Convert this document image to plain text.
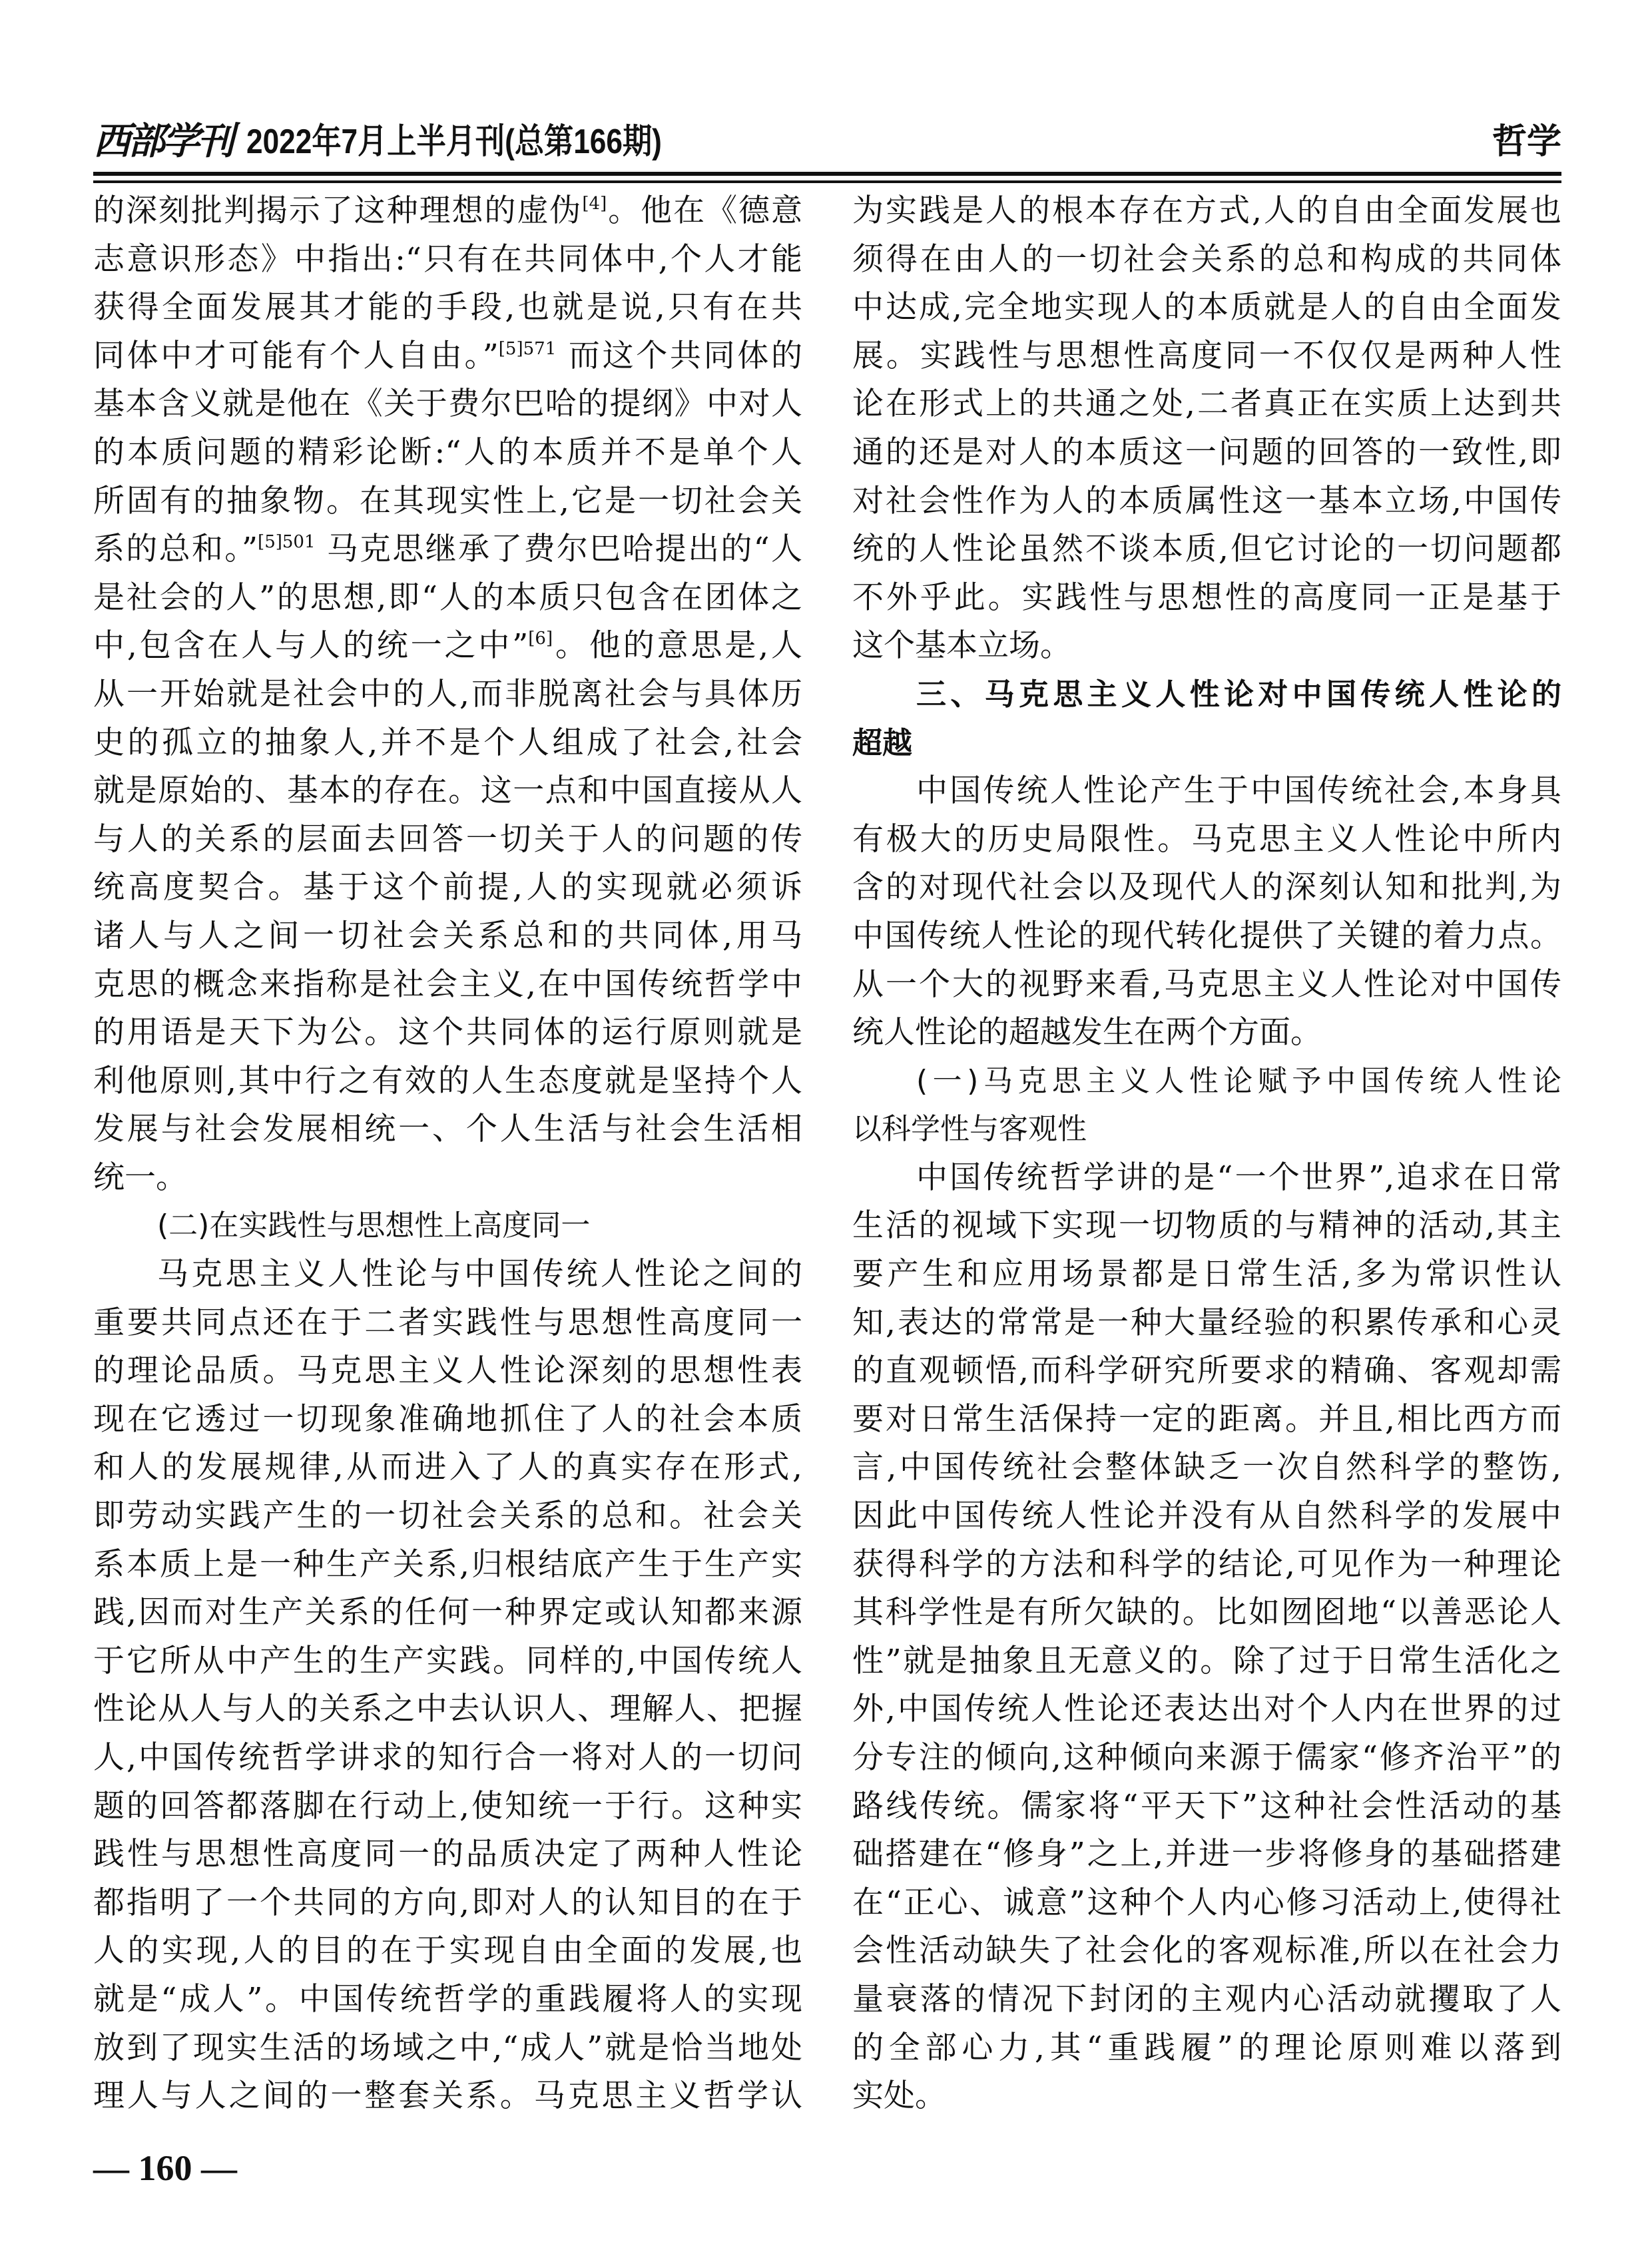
西部学刊 2022年7月上半月刊(总第166期)	哲学
的深刻批判揭示了这种理想的虚伪[4]。他在《德意
志意识形态》中指出:“只有在共同体中,个人才能
获得全面发展其才能的手段,也就是说,只有在共
同体中才可能有个人自由。”$^{[5]571}$ 而这个共同体的
基本含义就是他在《关于费尔巴哈的提纲》中对人
的本质问题的精彩论断:“人的本质并不是单个人
所固有的抽象物。在其现实性上,它是一切社会关
系的总和。”$^{[5]501}$ 马克思继承了费尔巴哈提出的“人
是社会的人”的思想,即“人的本质只包含在团体之
中,包含在人与人的统一之中”[6]。他的意思是,人
从一开始就是社会中的人,而非脱离社会与具体历
史的孤立的抽象人,并不是个人组成了社会,社会
就是原始的、基本的存在。这一点和中国直接从人
与人的关系的层面去回答一切关于人的问题的传
统高度契合。基于这个前提,人的实现就必须诉
诸人与人之间一切社会关系总和的共同体,用马
克思的概念来指称是社会主义,在中国传统哲学中
的用语是天下为公。这个共同体的运行原则就是
利他原则,其中行之有效的人生态度就是坚持个人
发展与社会发展相统一、个人生活与社会生活相
统一。
(二)在实践性与思想性上高度同一
马克思主义人性论与中国传统人性论之间的
重要共同点还在于二者实践性与思想性高度同一
的理论品质。马克思主义人性论深刻的思想性表
现在它透过一切现象准确地抓住了人的社会本质
和人的发展规律,从而进入了人的真实存在形式,
即劳动实践产生的一切社会关系的总和。社会关
系本质上是一种生产关系,归根结底产生于生产实
践,因而对生产关系的任何一种界定或认知都来源
于它所从中产生的生产实践。同样的,中国传统人
性论从人与人的关系之中去认识人、理解人、把握
人,中国传统哲学讲求的知行合一将对人的一切问
题的回答都落脚在行动上,使知统一于行。这种实
践性与思想性高度同一的品质决定了两种人性论
都指明了一个共同的方向,即对人的认知目的在于
人的实现,人的目的在于实现自由全面的发展,也
就是“成人”。中国传统哲学的重践履将人的实现
放到了现实生活的场域之中,“成人”就是恰当地处
理人与人之间的一整套关系。马克思主义哲学认
为实践是人的根本存在方式,人的自由全面发展也
须得在由人的一切社会关系的总和构成的共同体
中达成,完全地实现人的本质就是人的自由全面发
展。实践性与思想性高度同一不仅仅是两种人性
论在形式上的共通之处,二者真正在实质上达到共
通的还是对人的本质这一问题的回答的一致性,即
对社会性作为人的本质属性这一基本立场,中国传
统的人性论虽然不谈本质,但它讨论的一切问题都
不外乎此。实践性与思想性的高度同一正是基于
这个基本立场。
三、马克思主义人性论对中国传统人性论的
超越
中国传统人性论产生于中国传统社会,本身具
有极大的历史局限性。马克思主义人性论中所内
含的对现代社会以及现代人的深刻认知和批判,为
中国传统人性论的现代转化提供了关键的着力点。
从一个大的视野来看,马克思主义人性论对中国传
统人性论的超越发生在两个方面。
(一)马克思主义人性论赋予中国传统人性论
以科学性与客观性
中国传统哲学讲的是“一个世界”,追求在日常
生活的视域下实现一切物质的与精神的活动,其主
要产生和应用场景都是日常生活,多为常识性认
知,表达的常常是一种大量经验的积累传承和心灵
的直观顿悟,而科学研究所要求的精确、客观却需
要对日常生活保持一定的距离。并且,相比西方而
言,中国传统社会整体缺乏一次自然科学的整饬,
因此中国传统人性论并没有从自然科学的发展中
获得科学的方法和科学的结论,可见作为一种理论
其科学性是有所欠缺的。比如囫囵地“以善恶论人
性”就是抽象且无意义的。除了过于日常生活化之
外,中国传统人性论还表达出对个人内在世界的过
分专注的倾向,这种倾向来源于儒家“修齐治平”的
路线传统。儒家将“平天下”这种社会性活动的基
础搭建在“修身”之上,并进一步将修身的基础搭建
在“正心、诚意”这种个人内心修习活动上,使得社
会性活动缺失了社会化的客观标准,所以在社会力
量衰落的情况下封闭的主观内心活动就攫取了人
的全部心力,其“重践履”的理论原则难以落到
实处。
— 160 —
